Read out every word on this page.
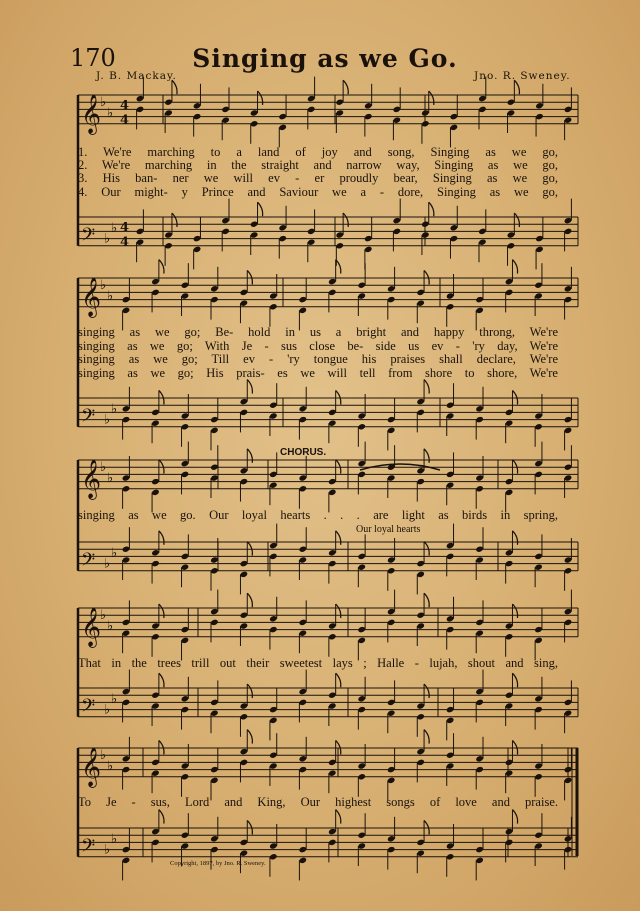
170	Singing as we Go.
J. B. Mackay.	Jno. R. Sweney.
𝄞
♭
♭
4
4
𝄢 ♭
♭ 4
4
𝄞
♭
♭
𝄢 ♭
♭
𝄞
♭
♭
𝄢 ♭
♭
𝄞
♭
♭
𝄢 ♭
♭
𝄞
♭
♭
𝄢 ♭
♭
1. We're marching to a land of joy and song, Singing as we go,
2. We're marching in the straight and narrow way, Singing as we go,
3. His ban- ner we will ev - er proudly bear, Singing as we go,
4. Our might- y Prince and Saviour we a - dore, Singing as we go,
singing as we go; Be- hold in us a bright and happy throng, We're
singing as we go; With Je - sus close be- side us ev - 'ry day, We're
singing as we go; Till ev - 'ry tongue his praises shall declare, We're
singing as we go; His prais- es we will tell from shore to shore, We're
CHORUS.
singing as we go. Our loyal hearts . . . are light as birds in spring,
Our loyal hearts
That in the trees trill out their sweetest lays ; Halle - lujah, shout and sing,
To Je - sus, Lord and King, Our highest songs of love and praise.
Copyright, 1897, by Jno. R. Sweney.
